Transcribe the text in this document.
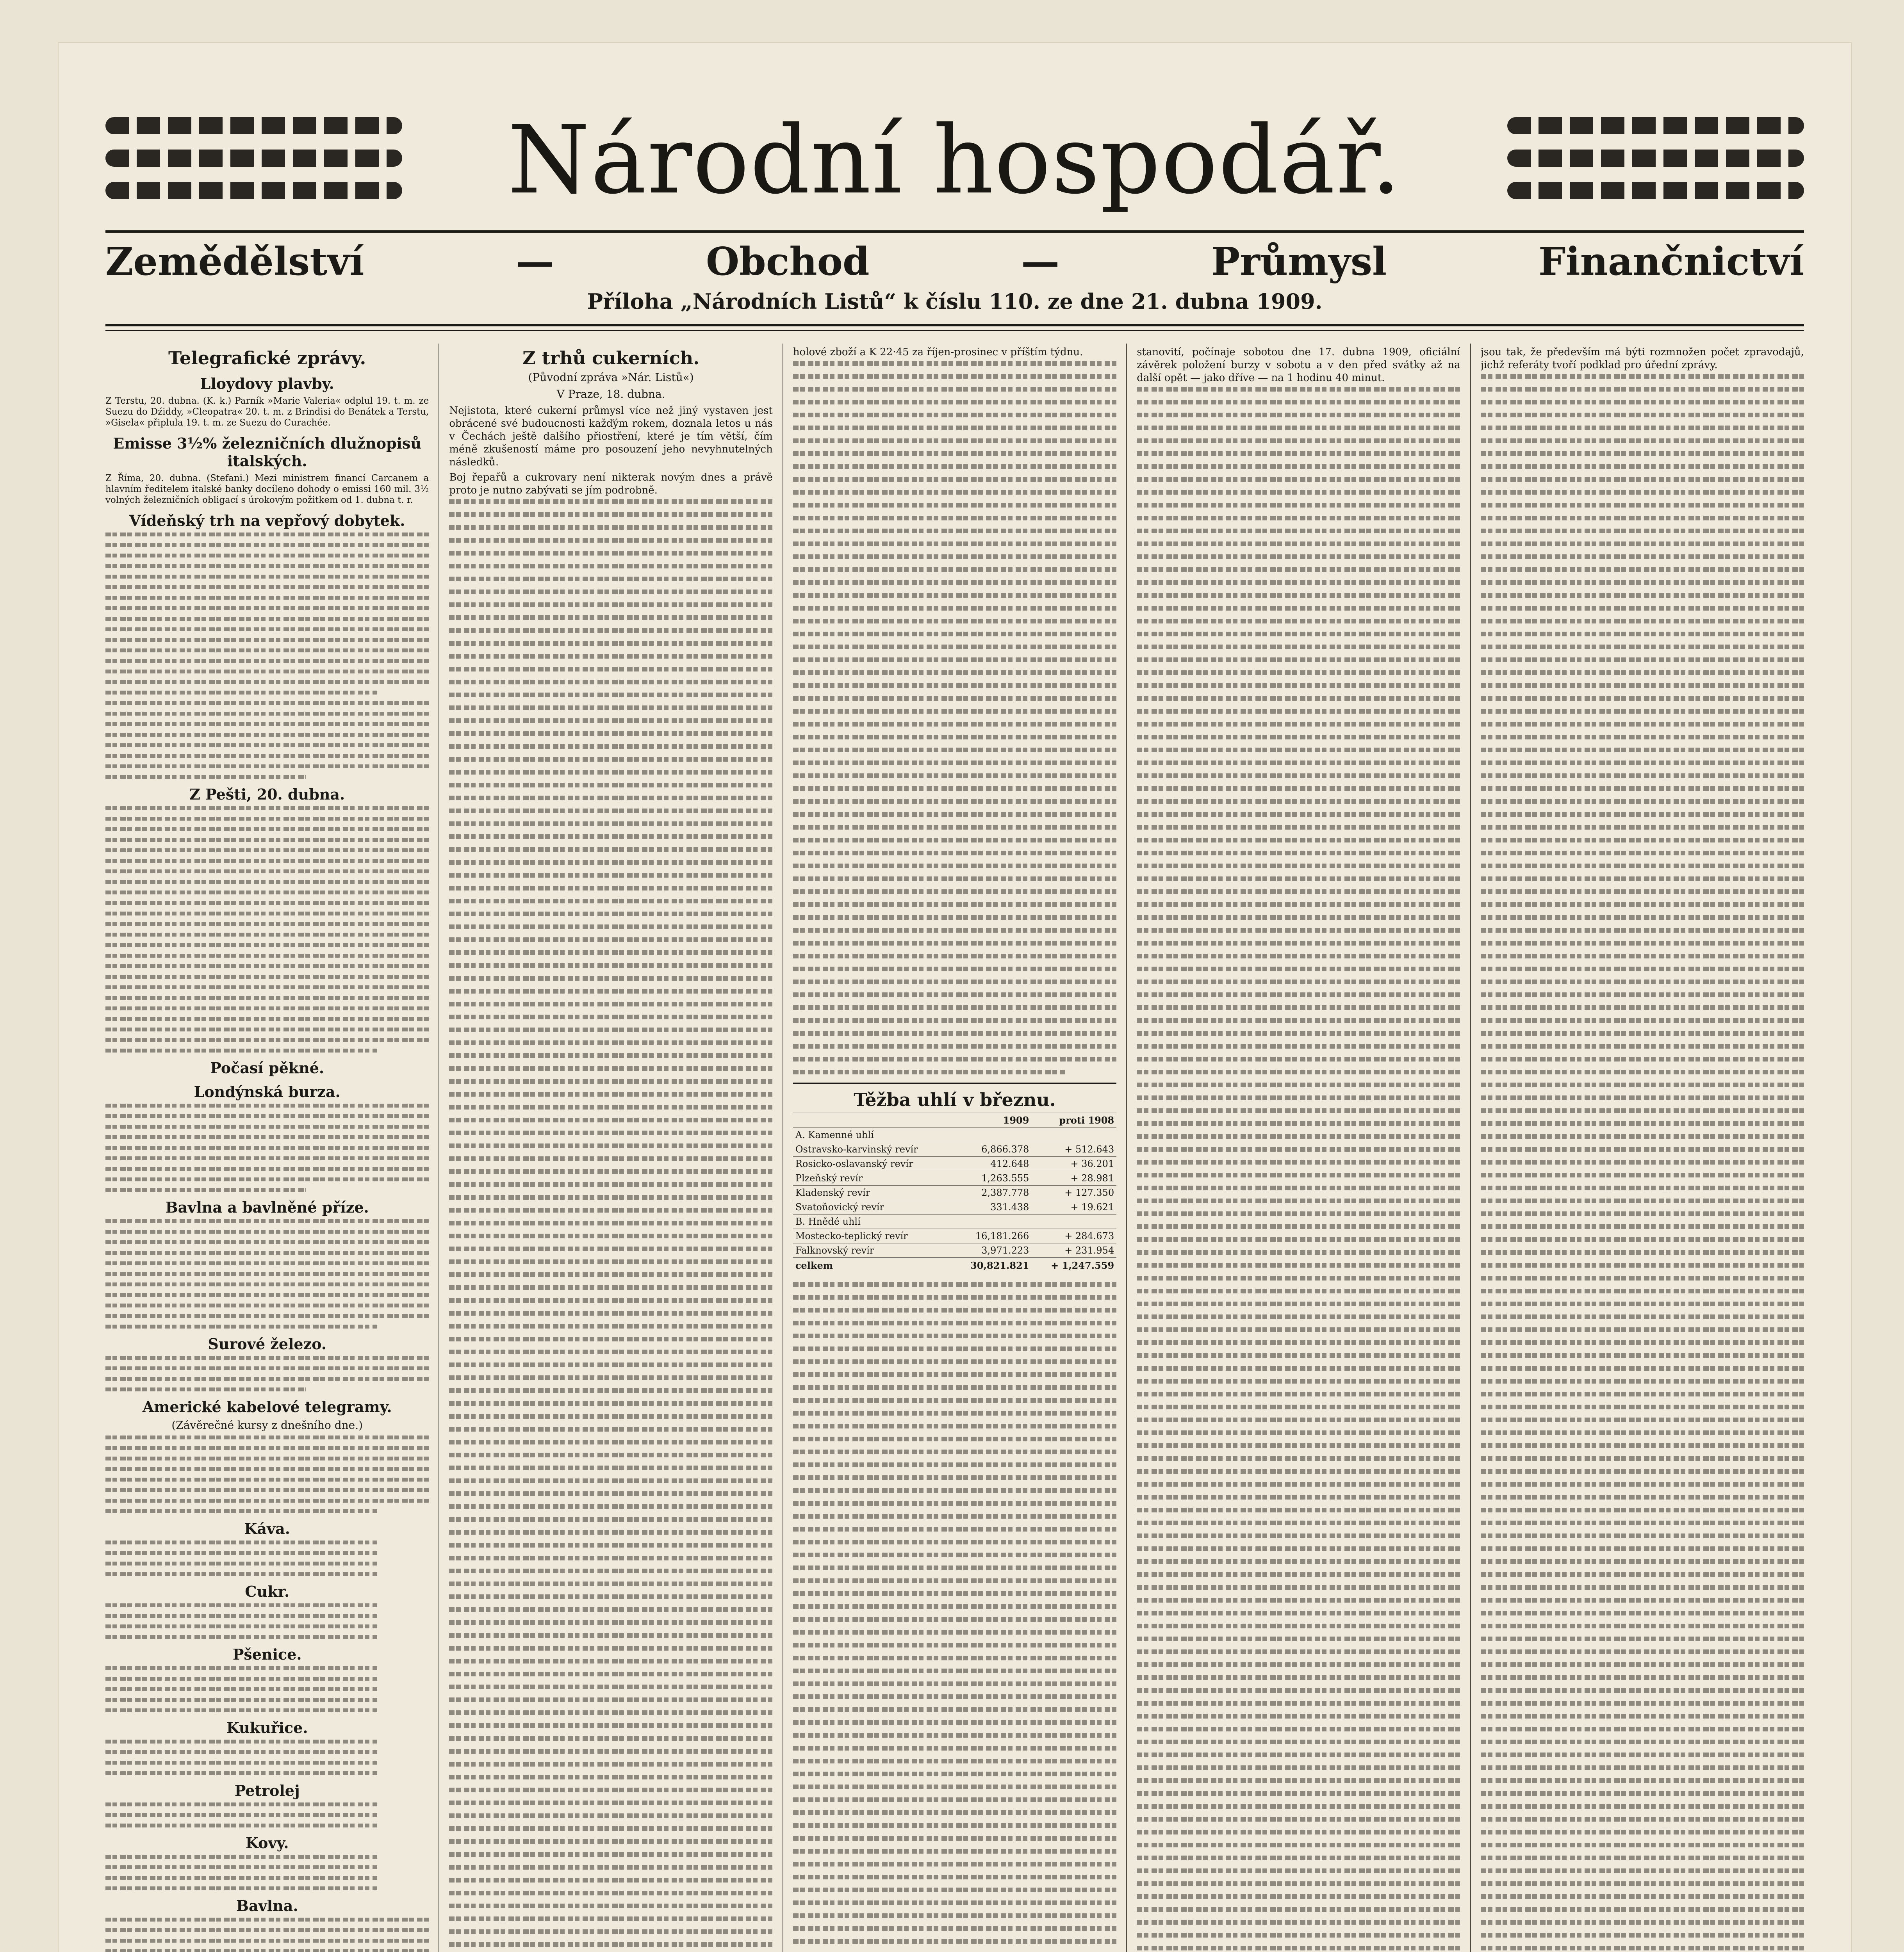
Národní hospodář.
Zemědělství	—	Obchod	—	Průmysl	Finančnictví
Příloha „Národních Listů“ k číslu 110. ze dne 21. dubna 1909.
Telegrafické zprávy.
Lloydovy plavby.

Z Terstu, 20. dubna. (K. k.) Parník »Marie Valeria« odplul 19. t. m. ze Suezu do Dźiddy, »Cleopatra« 20. t. m. z Brindisi do Benátek a Terstu, »Gisela« připlula 19. t. m. ze Suezu do Curachée.

Emisse 3½% železničních dlužnopisů italských.

Z Říma, 20. dubna. (Stefani.) Mezi ministrem financí Carcanem a hlavním ředitelem italské banky docíleno dohody o emissi 160 mil. 3½ volných železničních obligací s úrokovým požitkem od 1. dubna t. r.

Vídeňský trh na vepřový dobytek.
Z Pešti, 20. dubna.
Počasí pěkné.
Londýnská burza.
Bavlna a bavlněné příze.
Surové železo.
Americké kabelové telegramy.
(Závěrečné kursy z dnešního dne.)
Káva.
Cukr.
Pšenice.
Kukuřice.
Petrolej
Kovy.
Bavlna.
Z trhů cukerních.
(Původní zpráva »Nár. Listů«)
V Praze, 18. dubna.

Nejistota, které cukerní průmysl více než jiný vystaven jest obrácené své budoucnosti kažďým rokem, doznala letos u nás v Čechách ještě dalšího přiostření, které je tím větší, čím méně zkušeností máme pro posouzení jeho nevyhnutelných následků.

Boj řepařů a cukrovary není nikterak novým dnes a právě proto je nutno zabývati se jím podrobně.

holové zboží a K 22·45 za říjen-prosinec v příštím týdnu.

Těžba uhlí v březnu.
	1909	proti 1908
A. Kamenné uhlí		
Ostravsko-karvinský revír	6,866.378	+ 512.643
Rosicko-oslavanský revír	412.648	+ 36.201
Plzeňský revír	1,263.555	+ 28.981
Kladenský revír	2,387.778	+ 127.350
Svatoňovický revír	331.438	+ 19.621
B. Hnědé uhlí		
Mostecko-teplický revír	16,181.266	+ 284.673
Falknovský revír	3,971.223	+ 231.954
celkem	30,821.821	+ 1,247.559

stanovití, počínaje sobotou dne 17. dubna 1909, oficiální závěrek položení burzy v sobotu a v den před svátky až na další opět — jako dříve — na 1 hodinu 40 minut.

jsou tak, že především má býti rozmnožen počet zpravodajů, jichž referáty tvoří podklad pro úřední zprávy.
